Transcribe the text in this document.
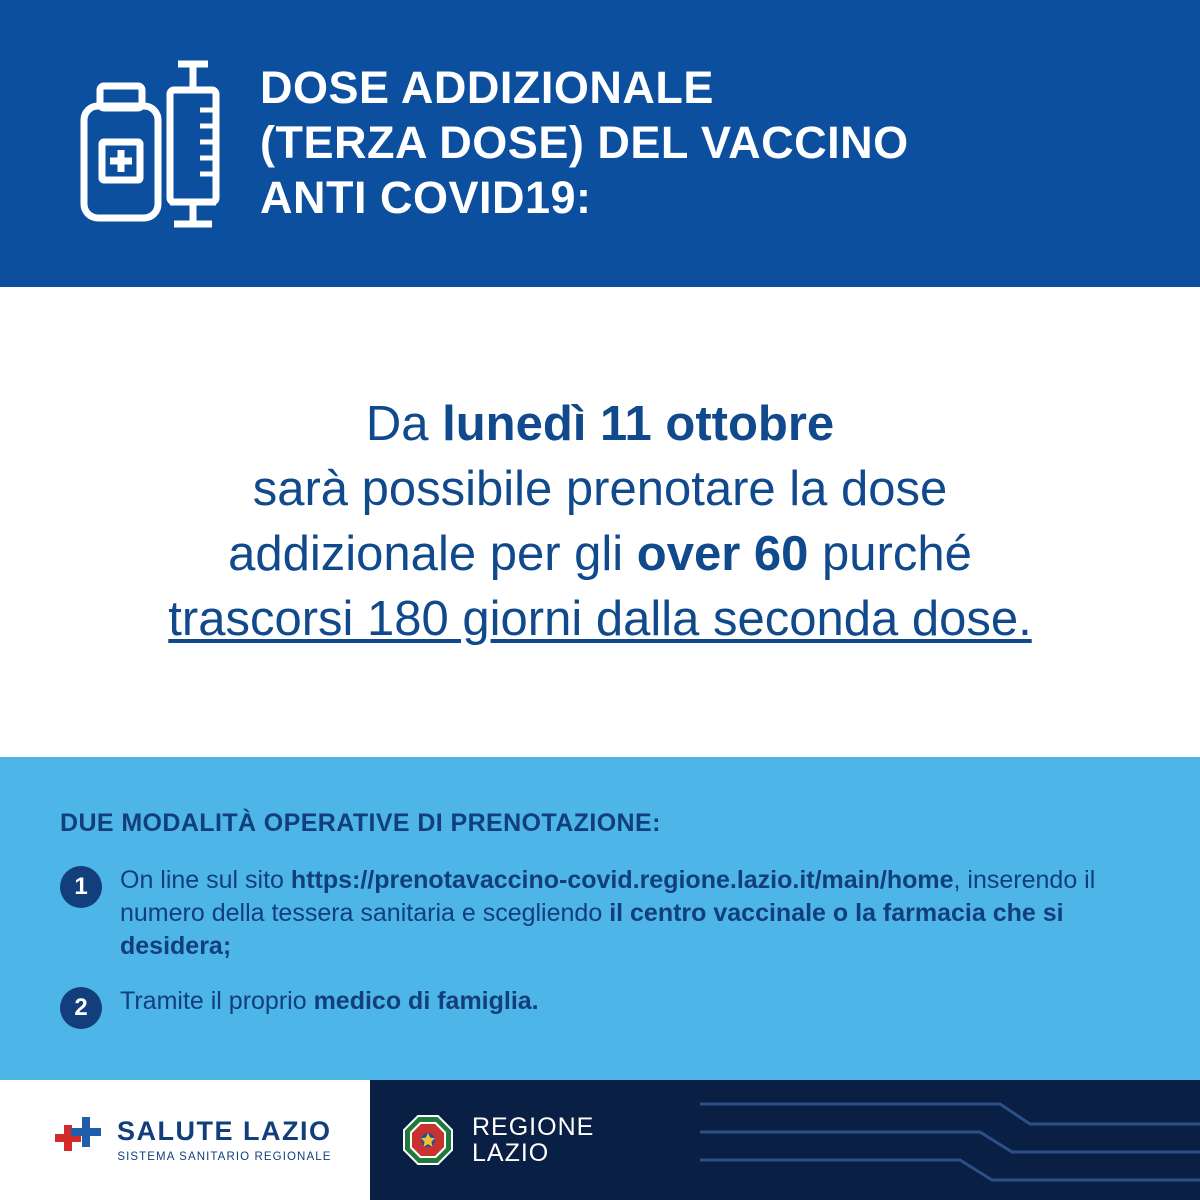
DOSE ADDIZIONALE
(TERZA DOSE) DEL VACCINO
ANTI COVID19:
Da lunedì 11 ottobre
sarà possibile prenotare la dose
addizionale per gli over 60 purché
trascorsi 180 giorni dalla seconda dose.
DUE MODALITÀ OPERATIVE DI PRENOTAZIONE:
1	On line sul sito https://prenotavaccino-covid.regione.lazio.it/main/home, inserendo il numero della tessera sanitaria e scegliendo il centro vaccinale o la farmacia che si desidera;
2	Tramite il proprio medico di famiglia.
SALUTE LAZIO
SISTEMA SANITARIO REGIONALE
REGIONE
LAZIO
